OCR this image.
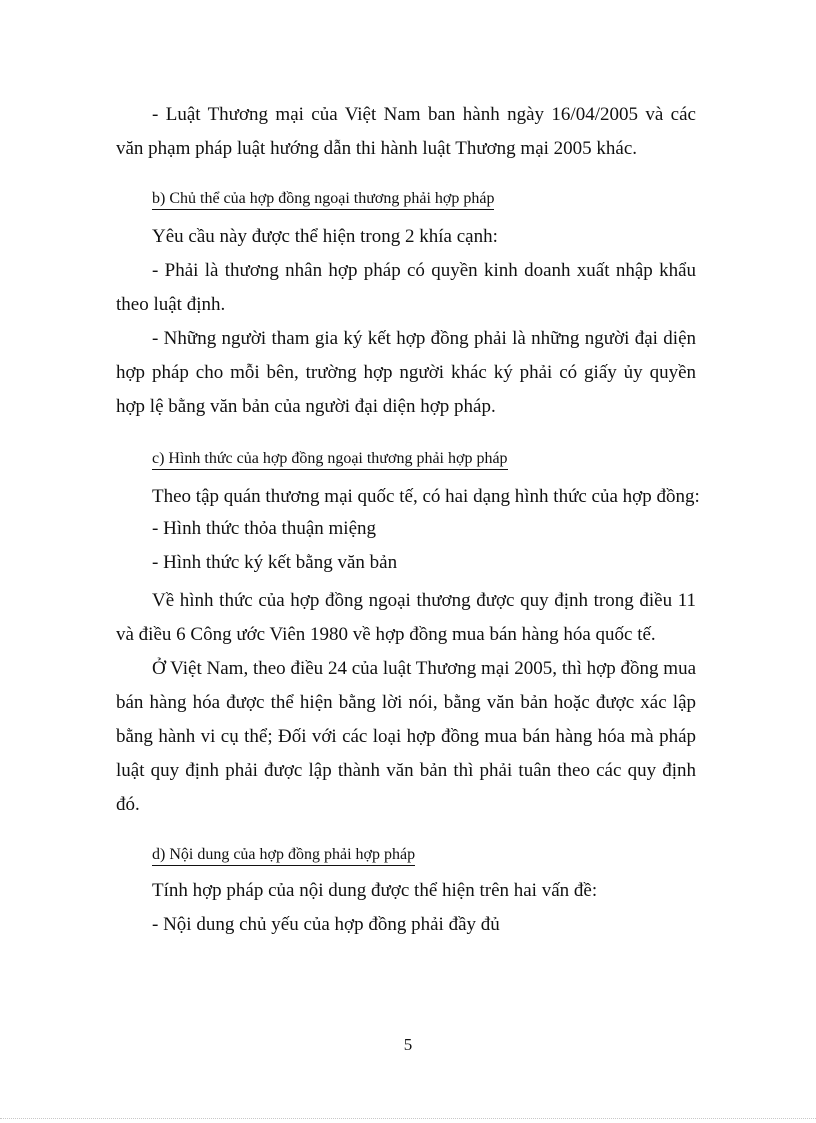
- Luật Thương mại của Việt Nam ban hành ngày 16/04/2005 và các văn phạm pháp luật hướng dẫn thi hành luật Thương mại 2005 khác.

b) Chủ thể của hợp đồng ngoại thương phải hợp pháp

Yêu cầu này được thể hiện trong 2 khía cạnh:

- Phải là thương nhân hợp pháp có quyền kinh doanh xuất nhập khẩu theo luật định.

- Những người tham gia ký kết hợp đồng phải là những người đại diện hợp pháp cho mỗi bên, trường hợp người khác ký phải có giấy ủy quyền hợp lệ bằng văn bản của người đại diện hợp pháp.

c) Hình thức của hợp đồng ngoại thương phải hợp pháp

Theo tập quán thương mại quốc tế, có hai dạng hình thức của hợp đồng:

- Hình thức thỏa thuận miệng

- Hình thức ký kết bằng văn bản

Về hình thức của hợp đồng ngoại thương được quy định trong điều 11 và điều 6 Công ước Viên 1980 về hợp đồng mua bán hàng hóa quốc tế.

Ở Việt Nam, theo điều 24 của luật Thương mại 2005, thì hợp đồng mua bán hàng hóa được thể hiện bằng lời nói, bằng văn bản hoặc được xác lập bằng hành vi cụ thể; Đối với các loại hợp đồng mua bán hàng hóa mà pháp luật quy định phải được lập thành văn bản thì phải tuân theo các quy định đó.

d) Nội dung của hợp đồng phải hợp pháp

Tính hợp pháp của nội dung được thể hiện trên hai vấn đề:

- Nội dung chủ yếu của hợp đồng phải đầy đủ

5
